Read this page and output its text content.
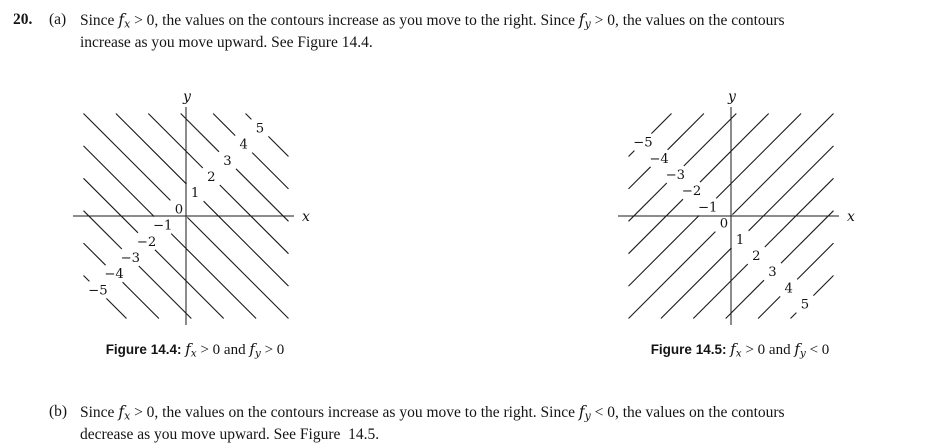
20. (a) Since $f_x > 0$, the values on the contours increase as you move to the right. Since $f_y > 0$, the values on the contours
increase as you move upward. See Figure 14.4.
−5
−4
−3
−2
−1
0
1
2
3
4
5
x
y
−5
−4
−3
−2
−1
0
1
2
3
4
5
x
y
Figure 14.4: $f_x > 0$ and $f_y > 0$	Figure 14.5: $f_x > 0$ and $f_y < 0$
(b) Since $f_x > 0$, the values on the contours increase as you move to the right. Since $f_y < 0$, the values on the contours
decrease as you move upward. See Figure  14.5.
